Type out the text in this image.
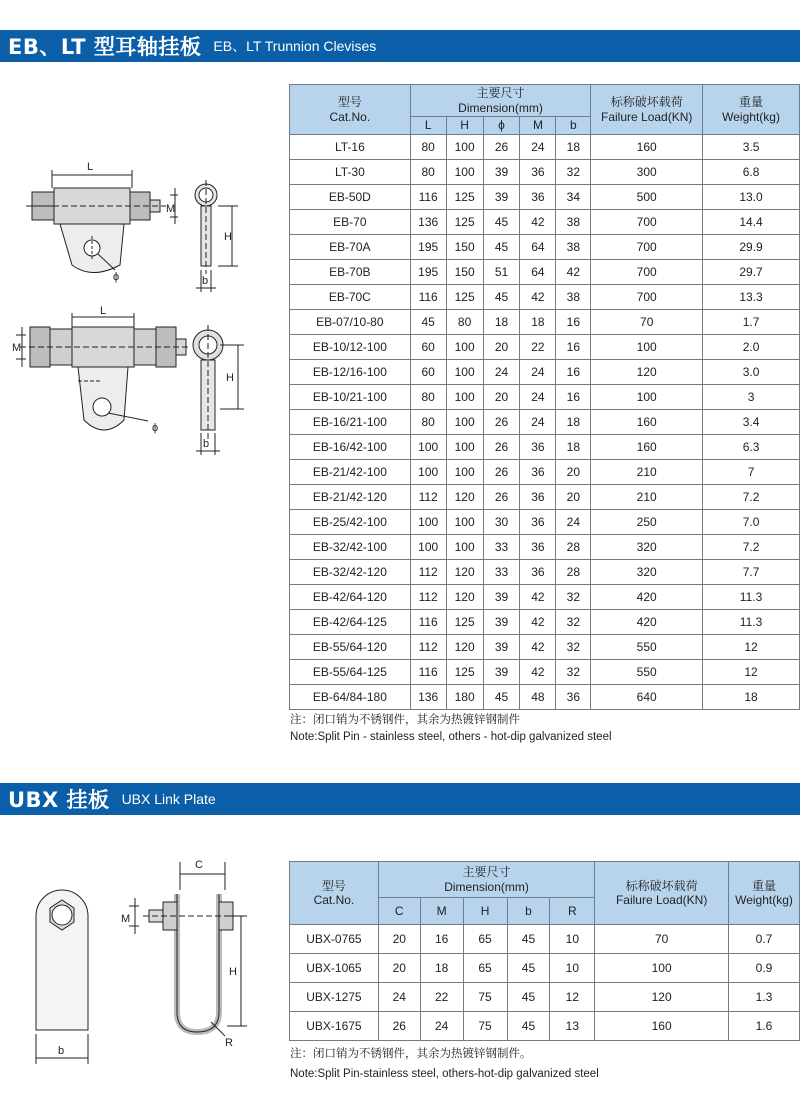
EB、LT 型耳轴挂板 EB、LT Trunnion Clevises
L
M
ϕ
H
b
L
M
ϕ
H
b
型号
Cat.No.	主要尺寸
Dimension(mm)					标称破坏载荷
Failure Load(KN)	重量
Weight(kg)
	L	H	ϕ	M	b		
LT-16	80	100	26	24	18	160	3.5
LT-30	80	100	39	36	32	300	6.8
EB-50D	116	125	39	36	34	500	13.0
EB-70	136	125	45	42	38	700	14.4
EB-70A	195	150	45	64	38	700	29.9
EB-70B	195	150	51	64	42	700	29.7
EB-70C	116	125	45	42	38	700	13.3
EB-07/10-80	45	80	18	18	16	70	1.7
EB-10/12-100	60	100	20	22	16	100	2.0
EB-12/16-100	60	100	24	24	16	120	3.0
EB-10/21-100	80	100	20	24	16	100	3
EB-16/21-100	80	100	26	24	18	160	3.4
EB-16/42-100	100	100	26	36	18	160	6.3
EB-21/42-100	100	100	26	36	20	210	7
EB-21/42-120	112	120	26	36	20	210	7.2
EB-25/42-100	100	100	30	36	24	250	7.0
EB-32/42-100	100	100	33	36	28	320	7.2
EB-32/42-120	112	120	33	36	28	320	7.7
EB-42/64-120	112	120	39	42	32	420	11.3
EB-42/64-125	116	125	39	42	32	420	11.3
EB-55/64-120	112	120	39	42	32	550	12
EB-55/64-125	116	125	39	42	32	550	12
EB-64/84-180	136	180	45	48	36	640	18
注：闭口销为不锈钢件，其余为热镀锌钢制件
Note:Split Pin - stainless steel, others - hot-dip galvanized steel
UBX 挂板 UBX Link Plate
b
C
M
H
R
型号
Cat.No.	主要尺寸
Dimension(mm)					标称破坏载荷
Failure Load(KN)	重量
Weight(kg)
	C	M	H	b	R		
UBX-0765	20	16	65	45	10	70	0.7
UBX-1065	20	18	65	45	10	100	0.9
UBX-1275	24	22	75	45	12	120	1.3
UBX-1675	26	24	75	45	13	160	1.6
注：闭口销为不锈钢件，其余为热镀锌钢制件。
Note:Split Pin-stainless steel, others-hot-dip galvanized steel
